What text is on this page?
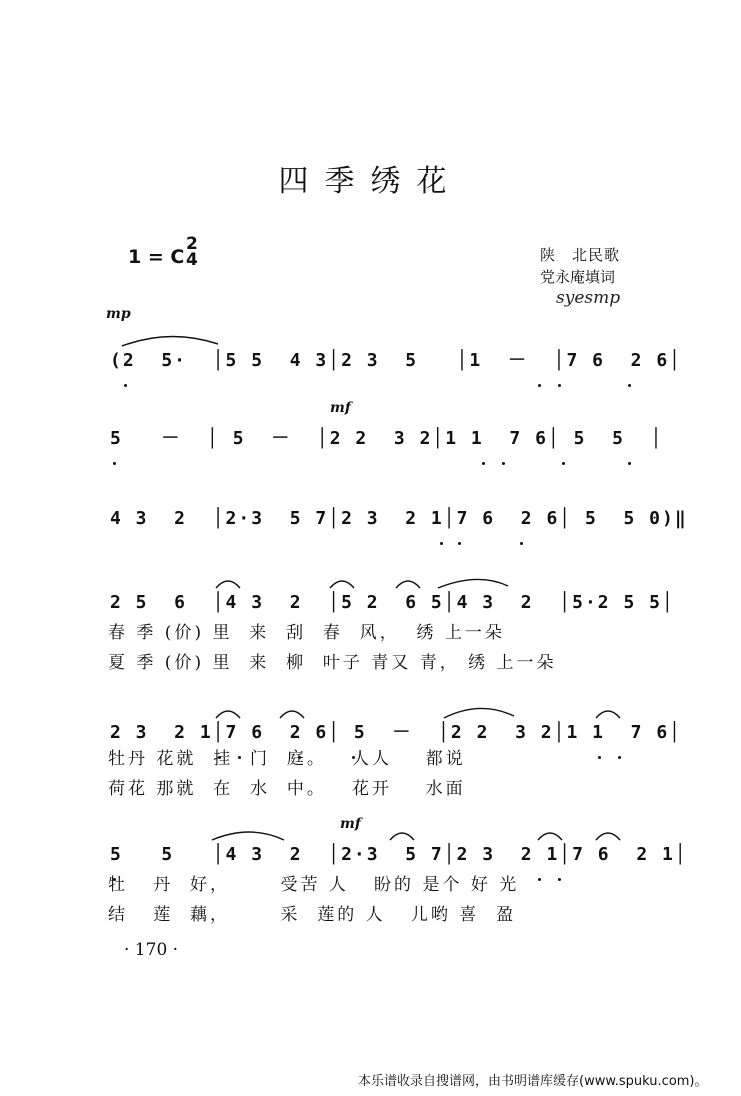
四季绣花
1 = C
2
4	陕　北民歌
党永庵填词
syesmp
mp
mf
mf
(2  5·  │5 5  4 3│2 3  5   │1  －  │7 6  2 6│
5   －  │ 5  －  │2 2  3 2│1 1  7 6│ 5  5  │
4 3  2  │2·3  5 7│2 3  2 1│7 6  2 6│ 5  5 0)‖
2 5  6  │4 3  2  │5 2  6 5│4 3  2  │5·2 5 5│
春 季 (价) 里  来  刮  春  风，  绣 上一朵
夏 季 (价) 里  来  柳  叶子 青又 青， 绣 上一朵
2 3  2 1│7 6  2 6│ 5  －  │2 2  3 2│1 1  7 6│
牡丹 花就  挂  门  庭。   人人    都说
荷花 那就  在  水  中。   花开    水面
5   5   │4 3  2  │2·3  5 7│2 3  2 1│7 6  2 1│
牡   丹  好，      受苦 人   盼的 是个 好 光
结   莲  藕，      采  莲的 人   儿哟 喜  盈
· 170 ·
本乐谱收录自搜谱网，由书明谱库缓存(www.spuku.com)。
